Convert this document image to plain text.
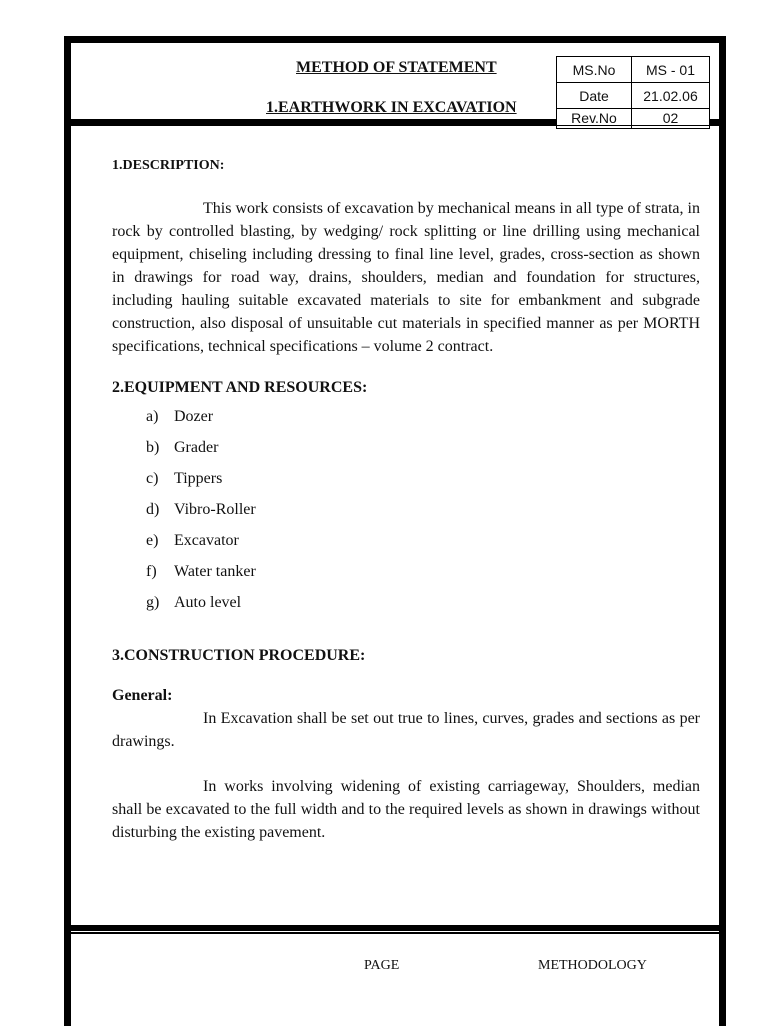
METHOD OF STATEMENT
1.EARTHWORK IN EXCAVATION
MS.No	MS - 01
Date	21.02.06

Rev.No	02

1.DESCRIPTION:

This work consists of excavation by mechanical means in all type of strata, in rock by controlled blasting, by wedging/ rock splitting or line drilling using mechanical equipment, chiseling including dressing to final line level, grades, cross-section as shown in drawings for road way, drains, shoulders, median and foundation for structures, including hauling suitable excavated materials to site for embankment and subgrade construction, also disposal of unsuitable cut materials in specified manner as per MORTH specifications, technical specifications – volume 2 contract.

2.EQUIPMENT AND RESOURCES:

a) Dozer
b) Grader
c) Tippers
d) Vibro-Roller
e) Excavator
f) Water tanker
g) Auto level

3.CONSTRUCTION PROCEDURE:

General:

In Excavation shall be set out true to lines, curves, grades and sections as per drawings.

In works involving widening of existing carriageway, Shoulders, median shall be excavated to the full width and to the required levels as shown in drawings without disturbing the existing pavement.

PAGE	METHODOLOGY
